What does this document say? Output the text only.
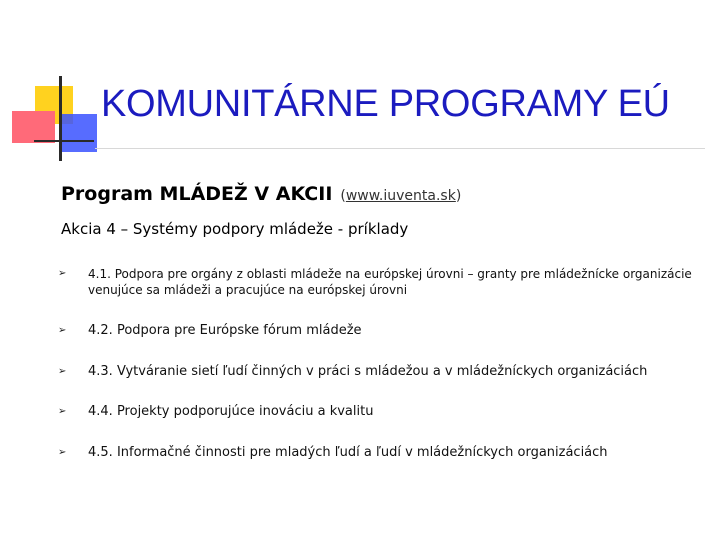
KOMUNITÁRNE PROGRAMY EÚ
Program MLÁDEŽ V AKCII (www.iuventa.sk)
Akcia 4 – Systémy podpory mládeže - príklady
➢ 4.1. Podpora pre orgány z oblasti mládeže na európskej úrovni – granty pre mládežnícke organizácie venujúce sa mládeži a pracujúce na európskej úrovni
➢ 4.2. Podpora pre Európske fórum mládeže
➢ 4.3. Vytváranie sietí ľudí činných v práci s mládežou a v mládežníckych organizáciách
➢ 4.4. Projekty podporujúce inováciu a kvalitu
➢ 4.5. Informačné činnosti pre mladých ľudí a ľudí v mládežníckych organizáciách
